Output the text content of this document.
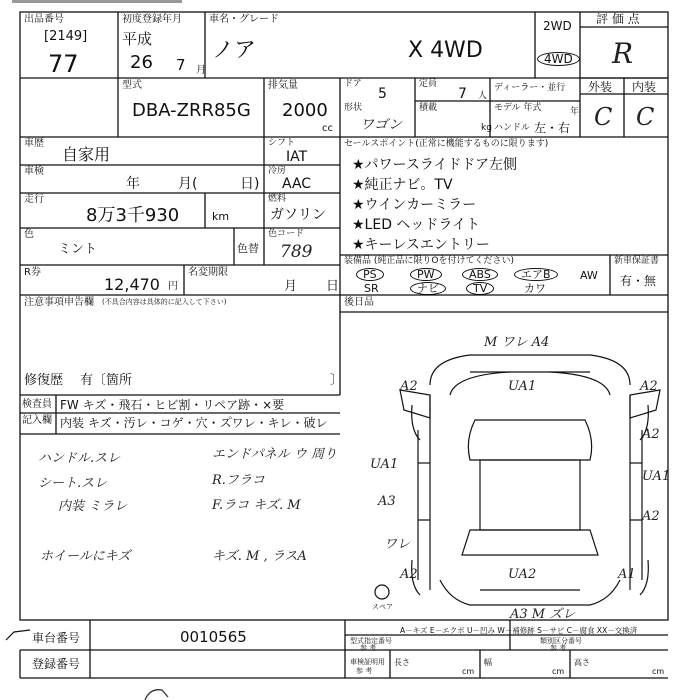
出品番号
[2149]
77
初度登録年月
平成
26 7 月
車名・グレード
ノア	X 4WD
2WD
4WD
評 価 点
R
外装 内装
C C
型式
DBA-ZRR85G
排気量
2000
cc
ドア
5
定員
7 人
ディーラー・並行
形状
ワゴン
積載
kg
モデル 年式	年
ハンドル 左・右
車歴
自家用
車検
年	月(	日)
走行
8万3千930	km
色
ミント	色替
R券
12,470 円
名変期限
月 日
注意事項申告欄 (不具合内容は具体的に記入して下さい)
修復歴 有〔箇所	〕
シフト
IAT
冷房
AAC
燃料
ガソリン
色コード
789
セールスポイント(正常に機能するものに限ります)
★パワースライドドア左側
★純正ナビ。TV
★ウインカーミラー
★LED ヘッドライト
★キーレスエントリー
装備品 (純正品に限りOを付けてください)
PS	PW	ABS	エアB	AW
SR	ナビ	TV	カワ
新車保証書
有・無
後日品
検査員
記入欄
FW キズ・飛石・ヒビ割・リペア跡・×要
内装 キズ・汚レ・コゲ・穴・ス゚ワレ・キレ・破レ
ハンドル.スレ
シート.スレ
内装 ミラレ
ホイールにキズ
エンドパネル ウ 周り
R.フラコ
F.ラコ キズ. M
キズ. M , ラスA
M ワレ A4
A2	UA1	A2
A2
UA1
UA1
A3
A2
ワレ
A2	UA2	A1
A3 M ズレ
スペア
A－キズ E－エクボ U－凹み W－補修跡 S－サビ C－腐食 XX－交換済
車台番号	0010565
登録番号
型式指定番号
参 考
類別区分番号
参 考
車検証明用
参 考
長さ
cm
幅
cm
高さ
cm
